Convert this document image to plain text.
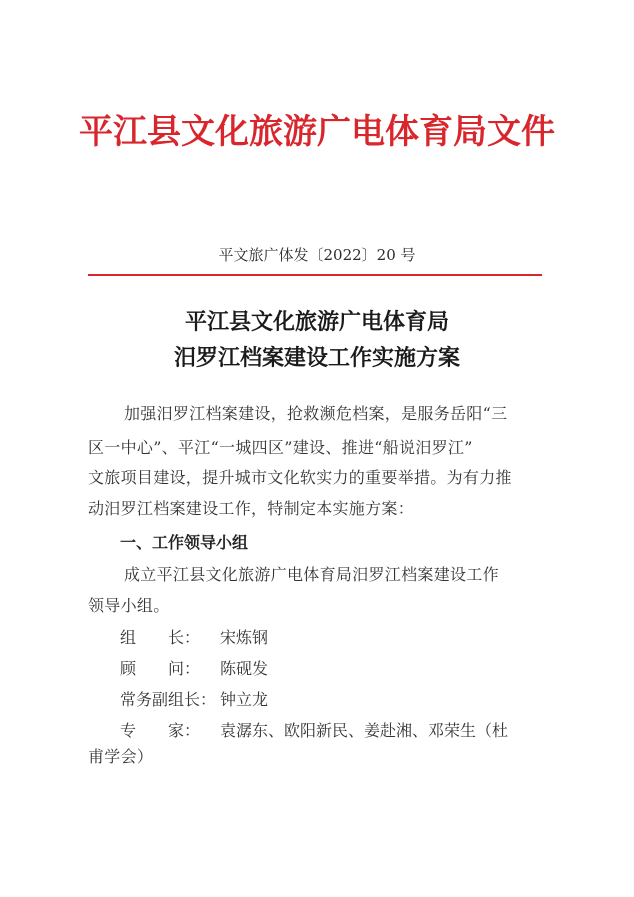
平江县文化旅游广电体育局文件
平文旅广体发〔2022〕20 号
平江县文化旅游广电体育局
汨罗江档案建设工作实施方案
加强汨罗江档案建设，抢救濒危档案，是服务岳阳“三
区一中心”、平江“一城四区”建设、推进“船说汨罗江”
文旅项目建设，提升城市文化软实力的重要举措。为有力推
动汨罗江档案建设工作，特制定本实施方案：
一、工作领导小组
成立平江县文化旅游广电体育局汨罗江档案建设工作
领导小组。
组　　长： 宋炼钢
顾　　问： 陈砚发
常务副组长： 钟立龙
专　　家： 袁潺东、欧阳新民、姜赴湘、邓荣生（杜
甫学会）
